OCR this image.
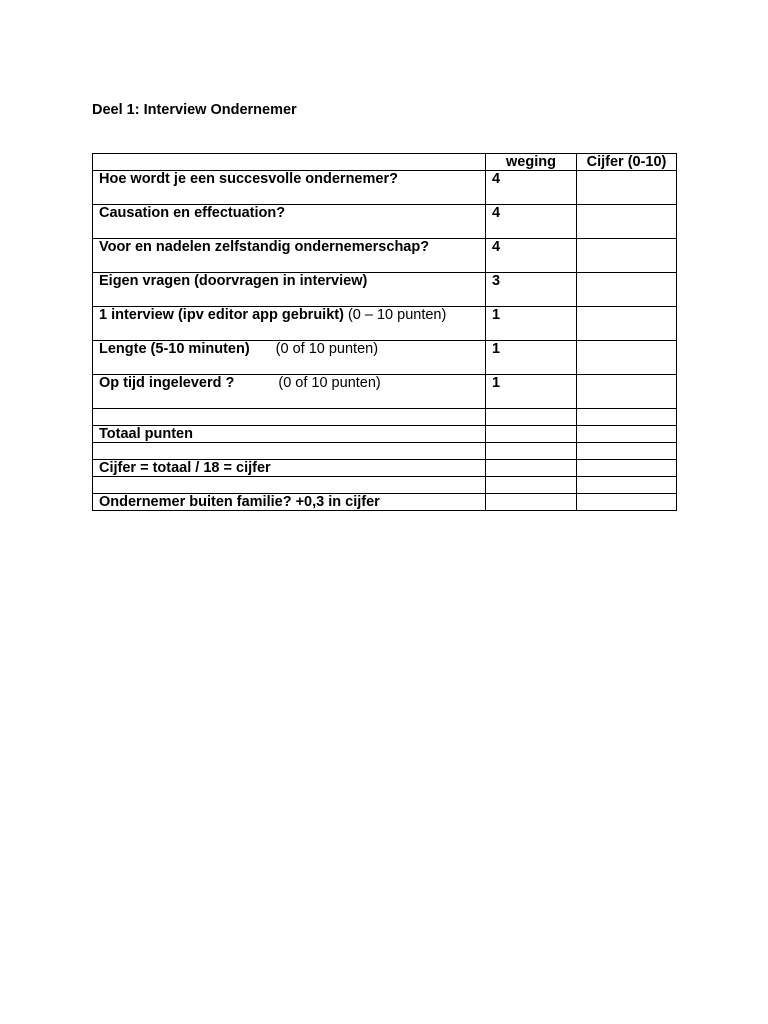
Deel 1: Interview Ondernemer
	weging	Cijfer (0-10)
Hoe wordt je een succesvolle ondernemer?	4	
Causation en effectuation?	4	
Voor en nadelen zelfstandig ondernemerschap?	4	
Eigen vragen (doorvragen in interview)	3	
1 interview (ipv editor app gebruikt) (0 – 10 punten)	1	
Lengte (5-10 minuten) (0 of 10 punten)	1	
Op tijd ingeleverd ? (0 of 10 punten)	1	

Totaal punten		

Cijfer = totaal / 18 = cijfer		

Ondernemer buiten familie? +0,3 in cijfer		
